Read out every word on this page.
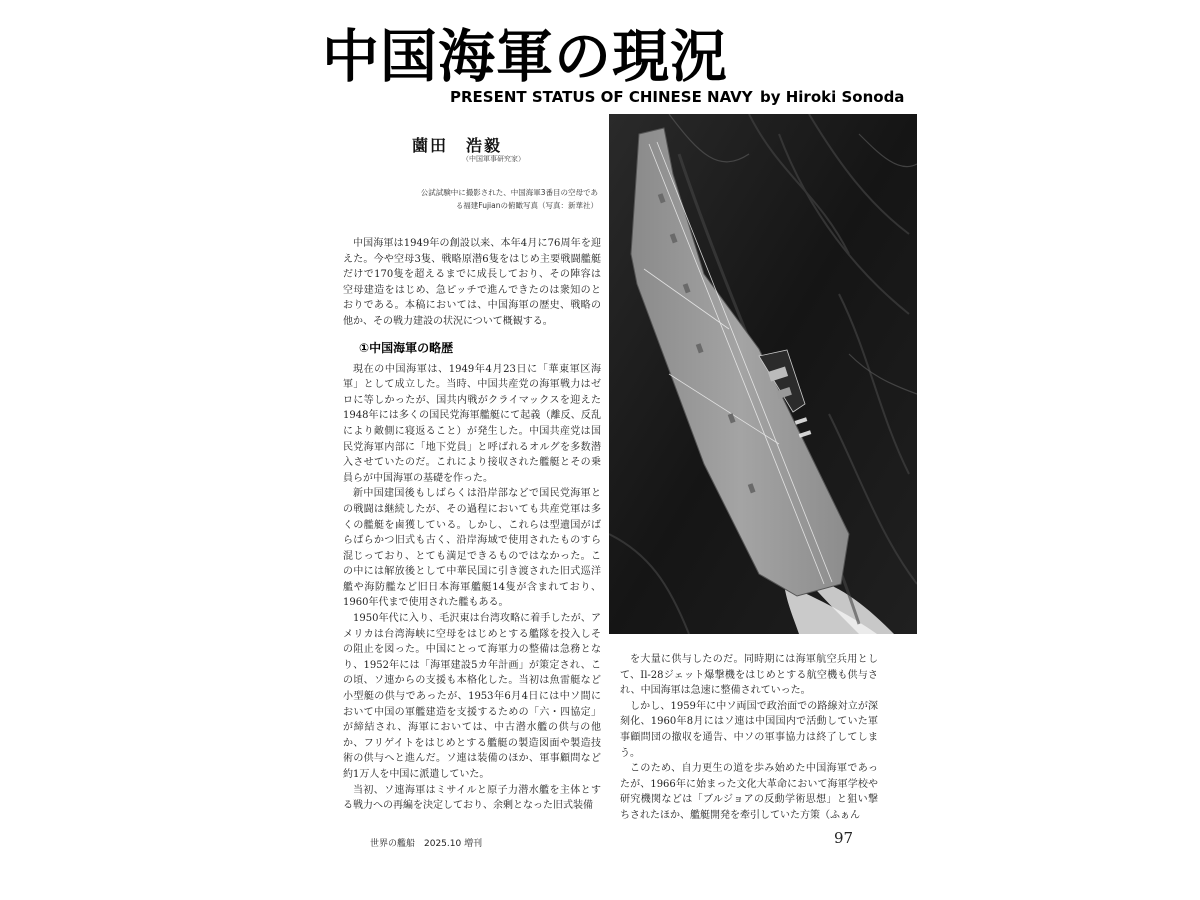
中国海軍の現況
PRESENT STATUS OF CHINESE NAVY by Hiroki Sonoda
薗田　浩毅
（中国軍事研究家）
公試試験中に撮影された、中国海軍3番目の空母である福建Fujianの俯瞰写真（写真：新華社）

中国海軍は1949年の創設以来、本年4月に76周年を迎えた。今や空母3隻、戦略原潜6隻をはじめ主要戦闘艦艇だけで170隻を超えるまでに成長しており、その陣容は空母建造をはじめ、急ピッチで進んできたのは衆知のとおりである。本稿においては、中国海軍の歴史、戦略の他か、その戦力建設の状況について概観する。

①中国海軍の略歴

現在の中国海軍は、1949年4月23日に「華東軍区海軍」として成立した。当時、中国共産党の海軍戦力はゼロに等しかったが、国共内戦がクライマックスを迎えた1948年には多くの国民党海軍艦艇にて起義（離反、反乱により敵側に寝返ること）が発生した。中国共産党は国民党海軍内部に「地下党員」と呼ばれるオルグを多数潜入させていたのだ。これにより接収された艦艇とその乗員らが中国海軍の基礎を作った。

新中国建国後もしばらくは沿岸部などで国民党海軍との戦闘は継続したが、その過程においても共産党軍は多くの艦艇を鹵獲している。しかし、これらは型遺国がばらばらかつ旧式も古く、沿岸海域で使用されたものすら混じっており、とても満足できるものではなかった。この中には解放後として中華民国に引き渡された旧式巡洋艦や海防艦など旧日本海軍艦艇14隻が含まれており、1960年代まで使用された艦もある。

1950年代に入り、毛沢東は台湾攻略に着手したが、アメリカは台湾海峡に空母をはじめとする艦隊を投入しその阻止を図った。中国にとって海軍力の整備は急務となり、1952年には「海軍建設5カ年計画」が策定され、この頃、ソ連からの支援も本格化した。当初は魚雷艇など小型艇の供与であったが、1953年6月4日には中ソ間において中国の軍艦建造を支援するための「六・四協定」が締結され、海軍においては、中古潜水艦の供与の他か、フリゲイトをはじめとする艦艇の製造図面や製造技術の供与へと進んだ。ソ連は装備のほか、軍事顧問など約1万人を中国に派遣していた。

当初、ソ連海軍はミサイルと原子力潜水艦を主体とする戦力への再編を決定しており、余剰となった旧式装備

を大量に供与したのだ。同時期には海軍航空兵用として、Il-28ジェット爆撃機をはじめとする航空機も供与され、中国海軍は急速に整備されていった。

しかし、1959年に中ソ両国で政治面での路線対立が深刻化、1960年8月にはソ連は中国国内で活動していた軍事顧問団の撤収を通告、中ソの軍事協力は終了してしまう。

このため、自力更生の道を歩み始めた中国海軍であったが、1966年に始まった文化大革命において海軍学校や研究機関などは「ブルジョアの反動学術思想」と狙い撃ちされたほか、艦艇開発を牽引していた方策（ふぁん

世界の艦船　2025.10 増刊	97
